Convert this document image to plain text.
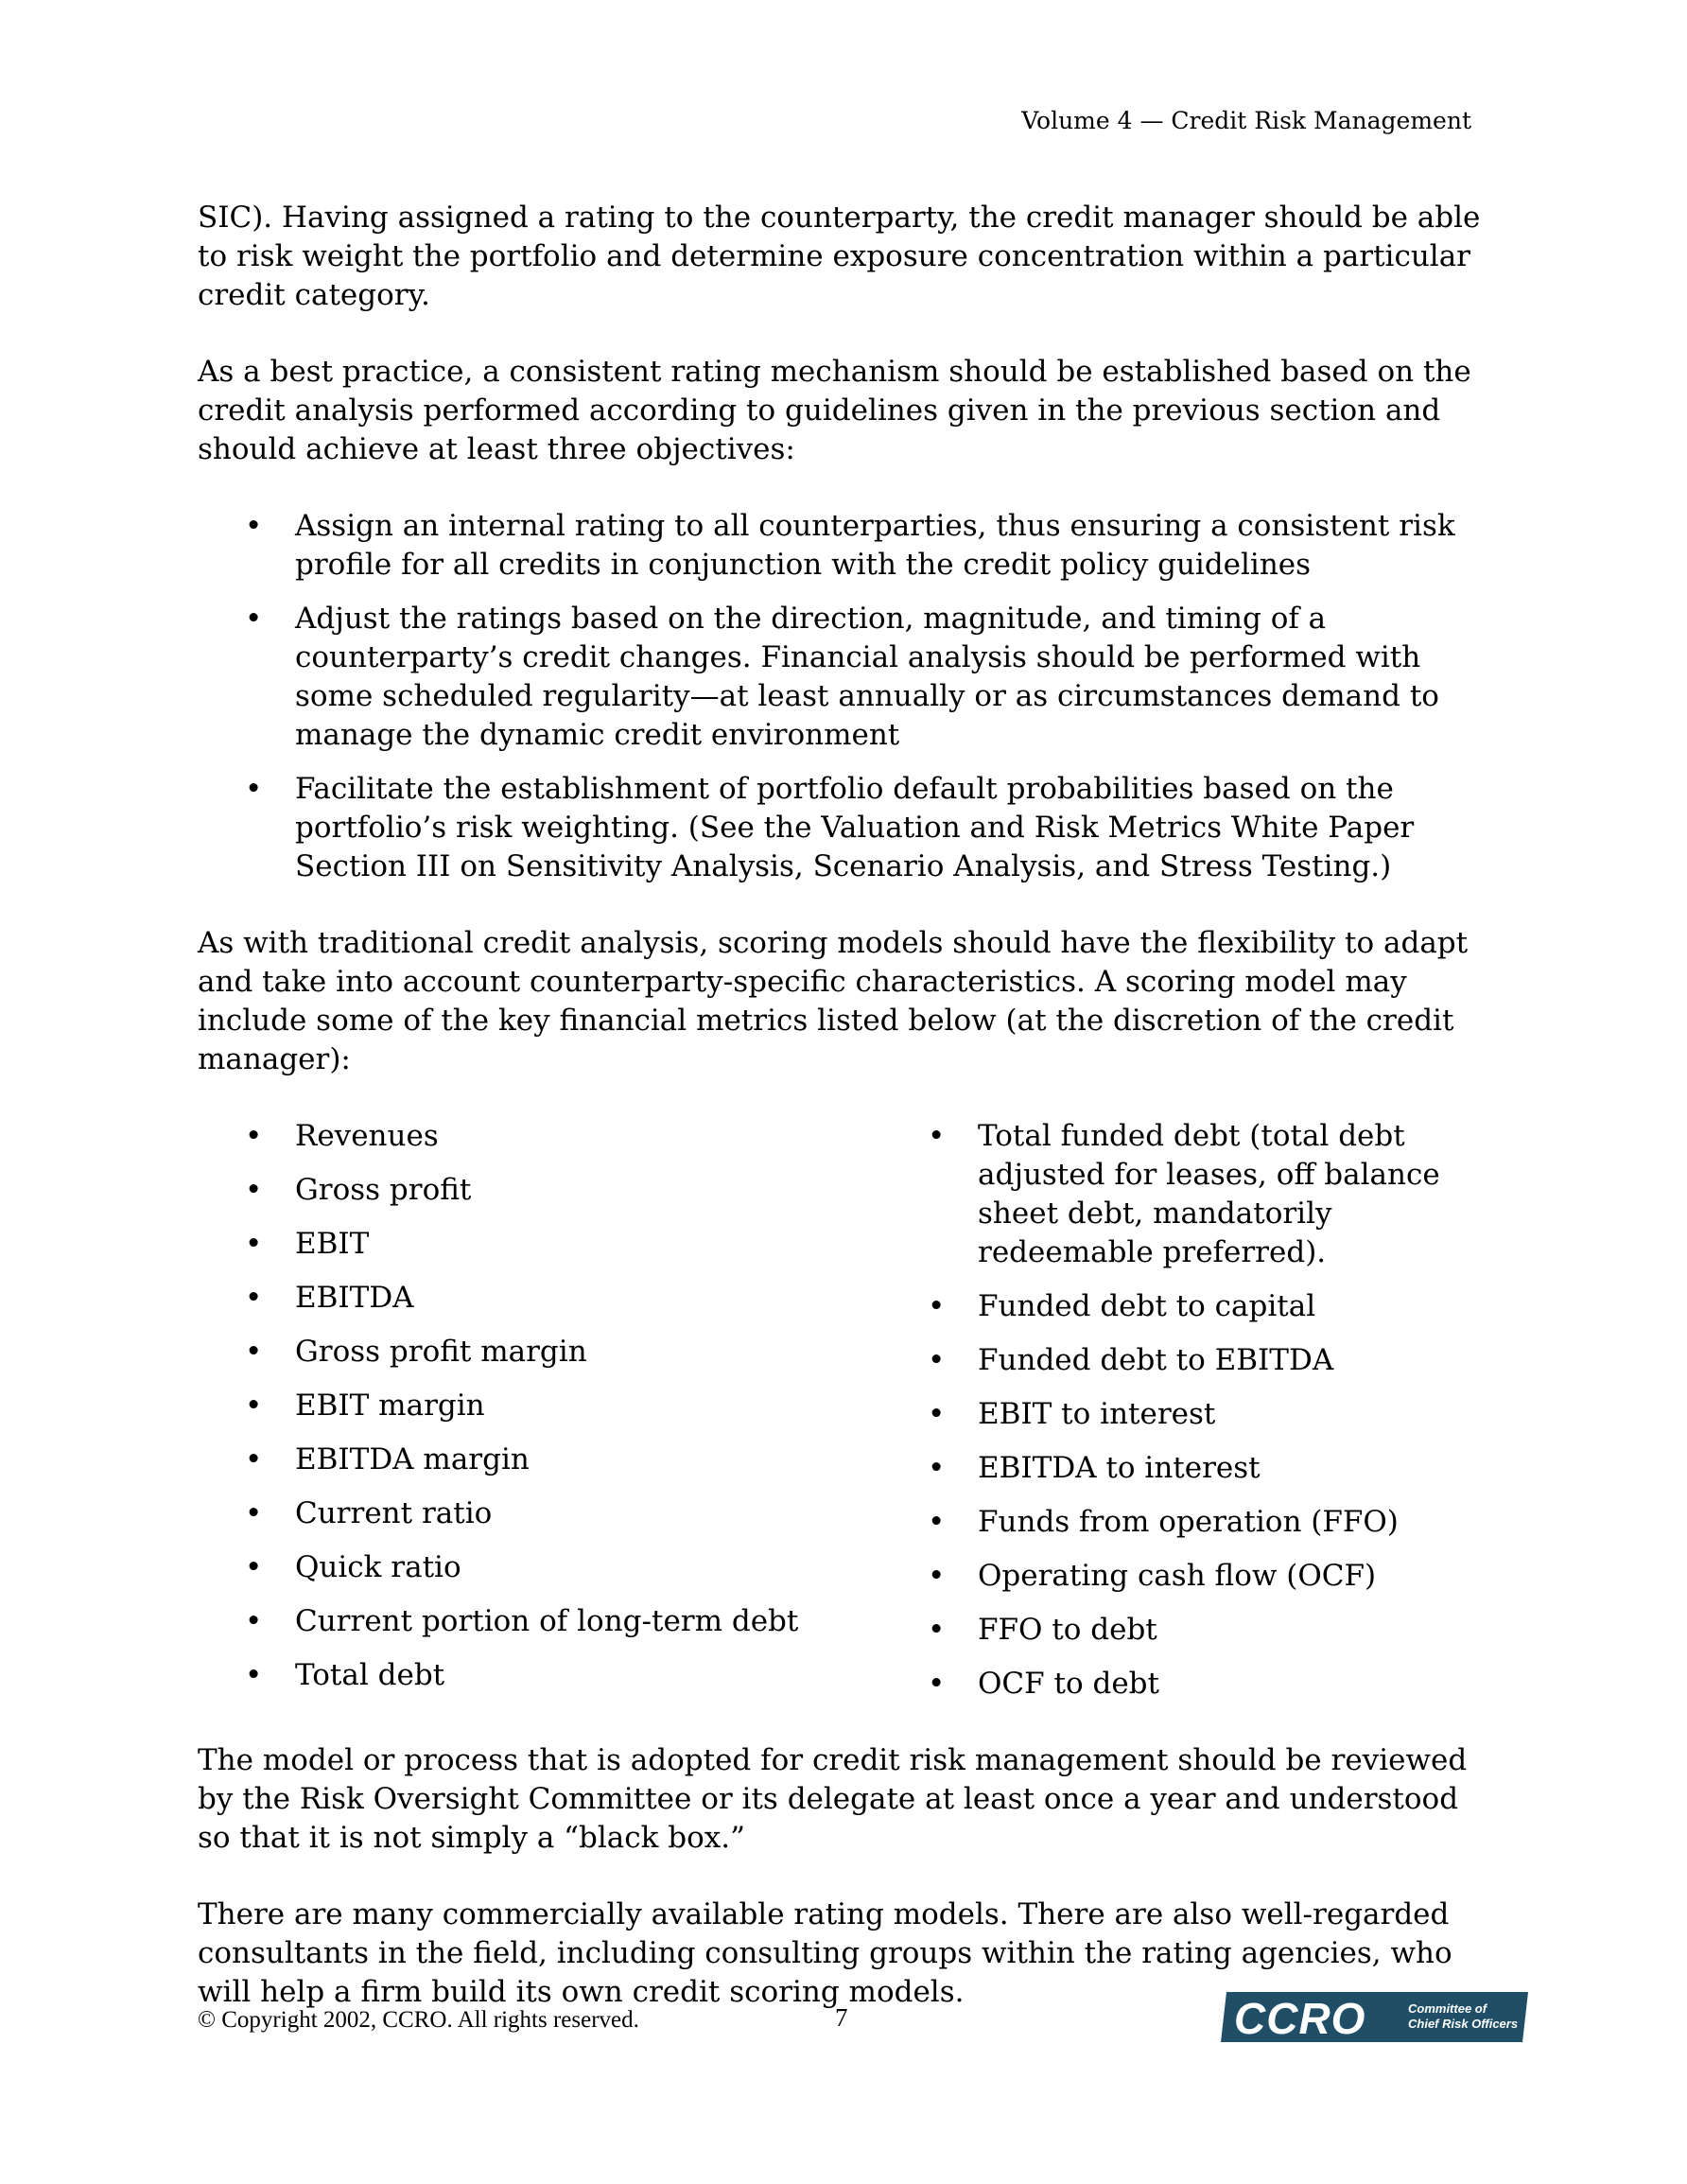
Volume 4 — Credit Risk Management

SIC). Having assigned a rating to the counterparty, the credit manager should be able to risk weight the portfolio and determine exposure concentration within a particular credit category.

As a best practice, a consistent rating mechanism should be established based on the credit analysis performed according to guidelines given in the previous section and should achieve at least three objectives:

• Assign an internal rating to all counterparties, thus ensuring a consistent risk profile for all credits in conjunction with the credit policy guidelines
• Adjust the ratings based on the direction, magnitude, and timing of a counterparty’s credit changes. Financial analysis should be performed with some scheduled regularity—at least annually or as circumstances demand to manage the dynamic credit environment
• Facilitate the establishment of portfolio default probabilities based on the portfolio’s risk weighting. (See the Valuation and Risk Metrics White Paper Section III on Sensitivity Analysis, Scenario Analysis, and Stress Testing.)

As with traditional credit analysis, scoring models should have the flexibility to adapt and take into account counterparty-specific characteristics. A scoring model may include some of the key financial metrics listed below (at the discretion of the credit manager):

• Revenues
• Gross profit
• EBIT
• EBITDA
• Gross profit margin
• EBIT margin
• EBITDA margin
• Current ratio
• Quick ratio
• Current portion of long-term debt
• Total debt
• Total funded debt (total debt adjusted for leases, off balance sheet debt, mandatorily redeemable preferred).
• Funded debt to capital
• Funded debt to EBITDA
• EBIT to interest
• EBITDA to interest
• Funds from operation (FFO)
• Operating cash flow (OCF)
• FFO to debt
• OCF to debt

The model or process that is adopted for credit risk management should be reviewed by the Risk Oversight Committee or its delegate at least once a year and understood so that it is not simply a “black box.”

There are many commercially available rating models. There are also well-regarded consultants in the field, including consulting groups within the rating agencies, who will help a firm build its own credit scoring models.

© Copyright 2002, CCRO. All rights reserved.	7	CCRO	Committee of
Chief Risk Officers
